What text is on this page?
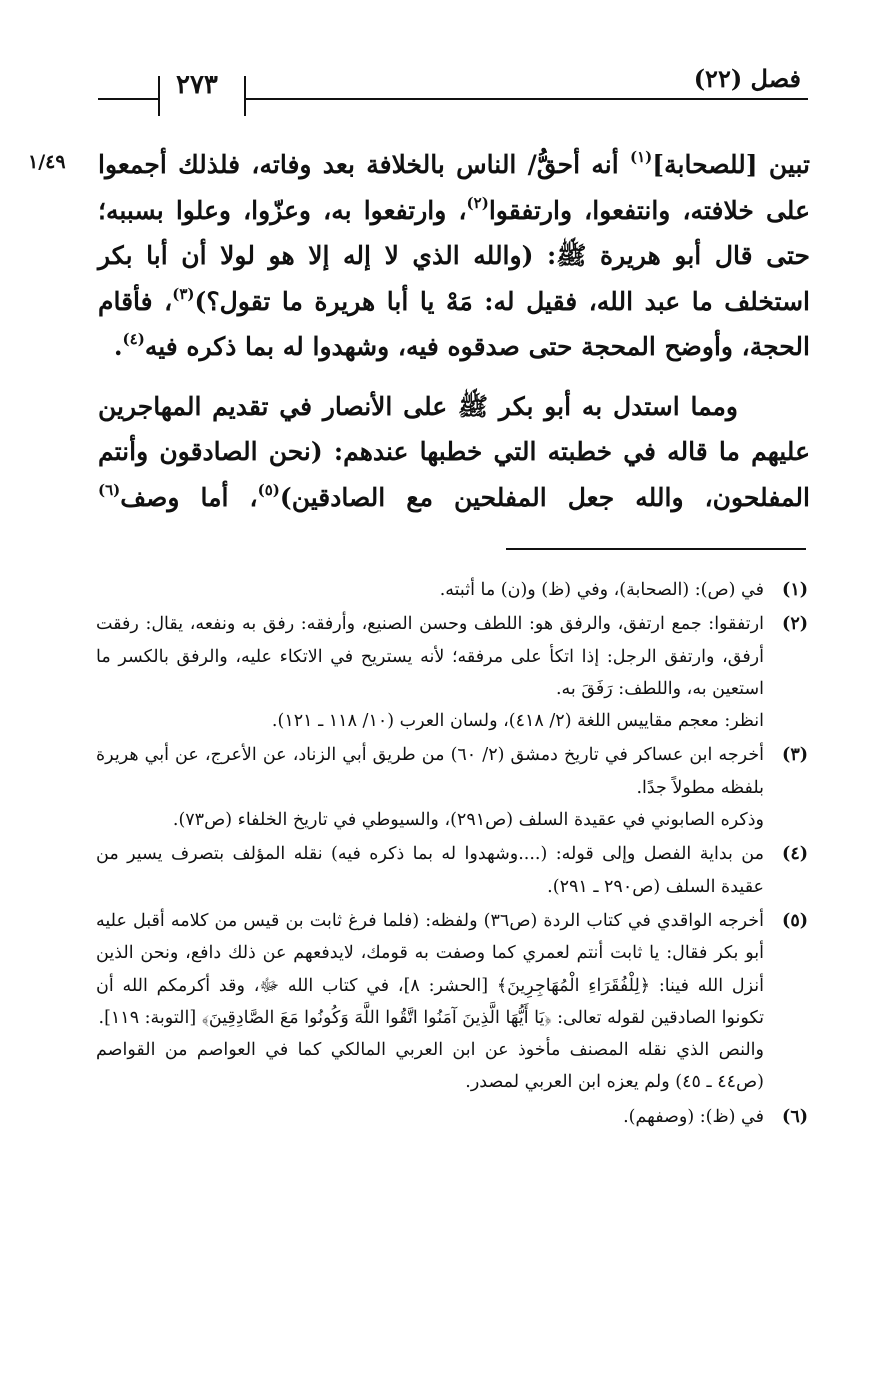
فصل (٢٢)
٢٧٣
١/٤٩	تبين [للصحابة]$^{(١)}$ أنه أحقُّ/ الناس بالخلافة بعد وفاته، فلذلك أجمعوا على خلافته، وانتفعوا، وارتفقوا$^{(٢)}$، وارتفعوا به، وعزّوا، وعلوا بسببه؛ حتى قال أبو هريرة ﷺ: (والله الذي لا إله إلا هو لولا أن أبا بكر استخلف ما عبد الله، فقيل له: مَهْ يا أبا هريرة ما تقول؟)$^{(٣)}$، فأقام الحجة، وأوضح المحجة حتى صدقوه فيه، وشهدوا له بما ذكره فيه$^{(٤)}$.

ومما استدل به أبو بكر ﷺ على الأنصار في تقديم المهاجرين عليهم ما قاله في خطبته التي خطبها عندهم: (نحن الصادقون وأنتم المفلحون، والله جعل المفلحين مع الصادقين)$^{(٥)}$، أما وصف$^{(٦)}$

(١)

في (ص): (الصحابة)، وفي (ظ) و(ن) ما أثبته.

(٢)

ارتفقوا: جمع ارتفق، والرفق هو: اللطف وحسن الصنيع، وأرفقه: رفق به ونفعه، يقال: رفقت أرفق، وارتفق الرجل: إذا اتكأ على مرفقه؛ لأنه يستريح في الاتكاء عليه، والرفق بالكسر ما استعين به، واللطف: رَفَقَ به.

انظر: معجم مقاييس اللغة (٢/ ٤١٨)، ولسان العرب (١٠/ ١١٨ ـ ١٢١).

(٣)

أخرجه ابن عساكر في تاريخ دمشق (٢/ ٦٠) من طريق أبي الزناد، عن الأعرج، عن أبي هريرة بلفظه مطولاً جدًا.

وذكره الصابوني في عقيدة السلف (ص٢٩١)، والسيوطي في تاريخ الخلفاء (ص٧٣).

(٤)

من بداية الفصل وإلى قوله: (....وشهدوا له بما ذكره فيه) نقله المؤلف بتصرف يسير من عقيدة السلف (ص٢٩٠ ـ ٢٩١).

(٥)

أخرجه الواقدي في كتاب الردة (ص٣٦) ولفظه: (فلما فرغ ثابت بن قيس من كلامه أقبل عليه أبو بكر فقال: يا ثابت أنتم لعمري كما وصفت به قومك، لايدفعهم عن ذلك دافع، ونحن الذين أنزل الله فينا: ﴿لِلْفُقَرَاءِ الْمُهَاجِرِينَ﴾ [الحشر: ٨]، في كتاب الله ﷻ، وقد أكرمكم الله أن تكونوا الصادقين لقوله تعالى: ﴿يَا أَيُّهَا الَّذِينَ آمَنُوا اتَّقُوا اللَّهَ وَكُونُوا مَعَ الصَّادِقِينَ﴾ [التوبة: ١١٩].

والنص الذي نقله المصنف مأخوذ عن ابن العربي المالكي كما في العواصم من القواصم (ص٤٤ ـ ٤٥) ولم يعزه ابن العربي لمصدر.

(٦)

في (ظ): (وصفهم).
